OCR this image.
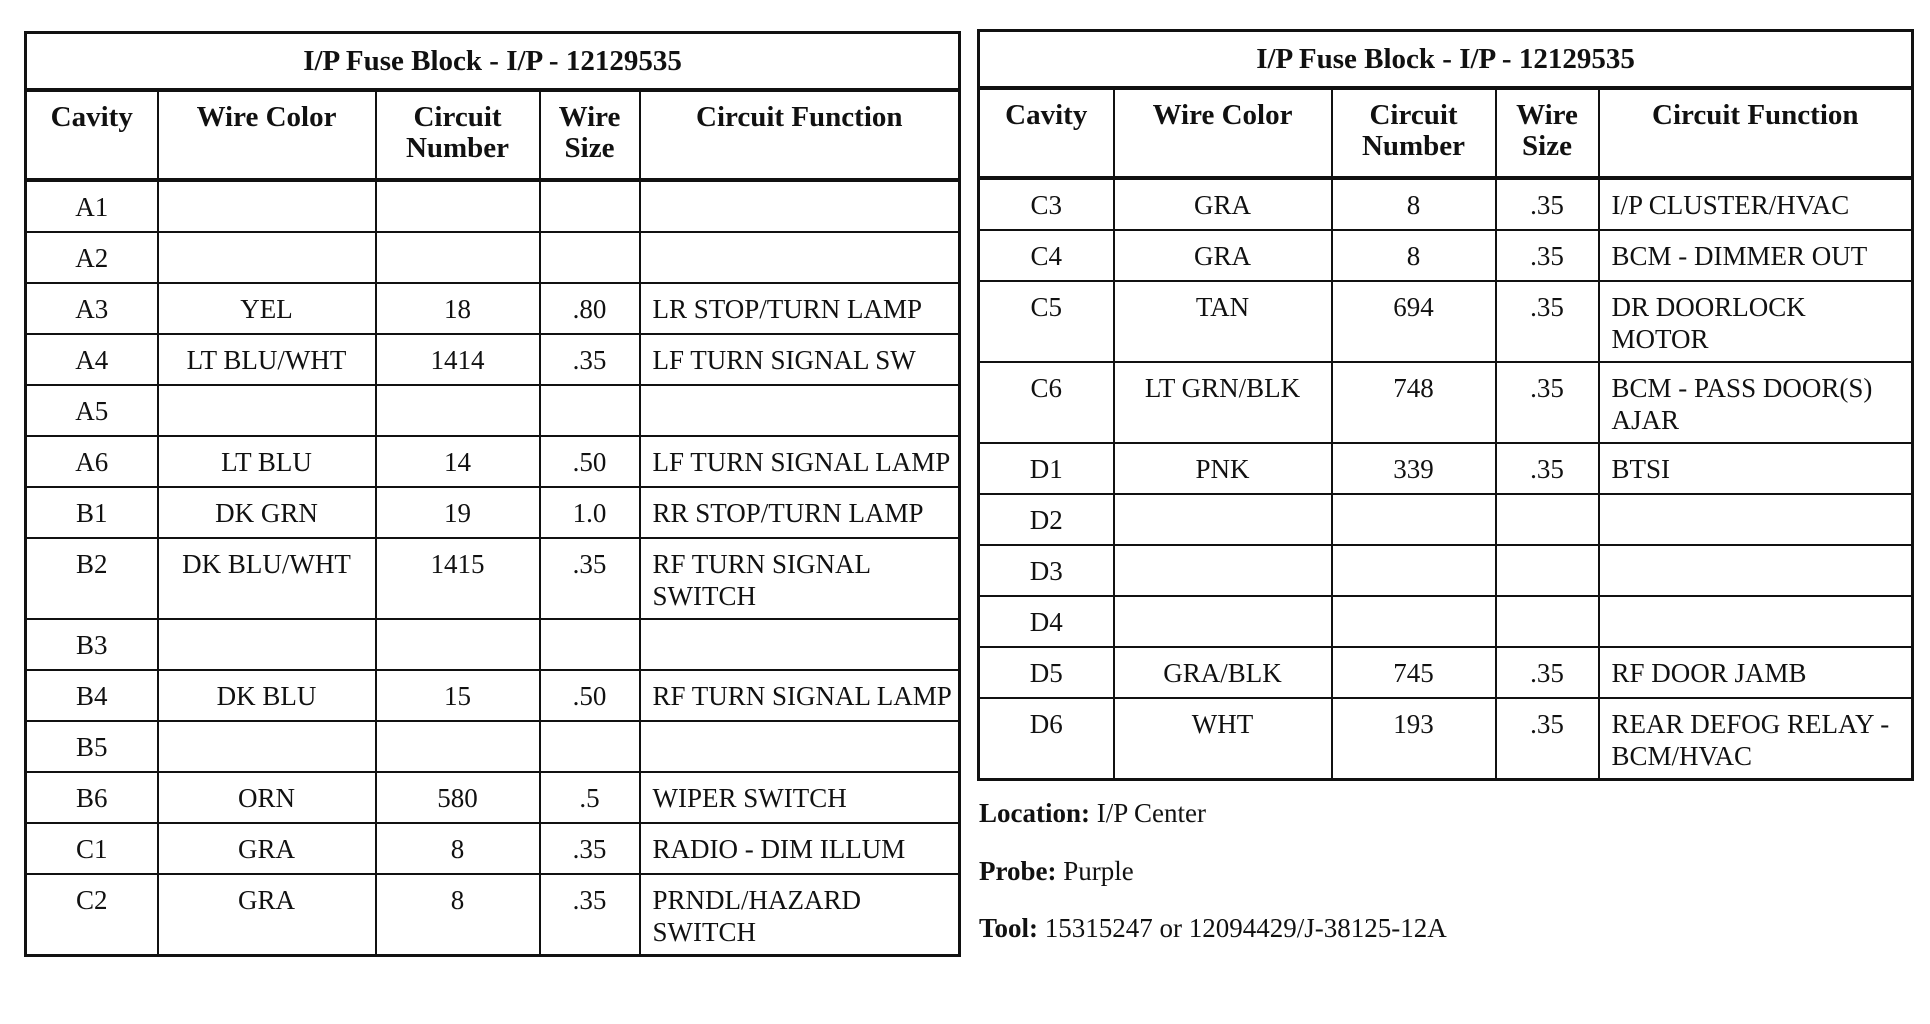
I/P Fuse Block - I/P - 12129535				
Cavity	Wire Color	Circuit Number	Wire Size	Circuit Function
A1				
A2				
A3	YEL	18	.80	LR STOP/TURN LAMP
A4	LT BLU/WHT	1414	.35	LF TURN SIGNAL SW
A5				
A6	LT BLU	14	.50	LF TURN SIGNAL LAMP
B1	DK GRN	19	1.0	RR STOP/TURN LAMP
B2	DK BLU/WHT	1415	.35	RF TURN SIGNAL SWITCH
B3				
B4	DK BLU	15	.50	RF TURN SIGNAL LAMP
B5				
B6	ORN	580	.5	WIPER SWITCH
C1	GRA	8	.35	RADIO - DIM ILLUM
C2	GRA	8	.35	PRNDL/HAZARD SWITCH
I/P Fuse Block - I/P - 12129535				
Cavity	Wire Color	Circuit Number	Wire Size	Circuit Function
C3	GRA	8	.35	I/P CLUSTER/HVAC
C4	GRA	8	.35	BCM - DIMMER OUT
C5	TAN	694	.35	DR DOORLOCK MOTOR
C6	LT GRN/BLK	748	.35	BCM - PASS DOOR(S) AJAR
D1	PNK	339	.35	BTSI
D2				
D3				
D4				
D5	GRA/BLK	745	.35	RF DOOR JAMB
D6	WHT	193	.35	REAR DEFOG RELAY - BCM/HVAC
Location: I/P Center
Probe: Purple
Tool: 15315247 or 12094429/J-38125-12A
